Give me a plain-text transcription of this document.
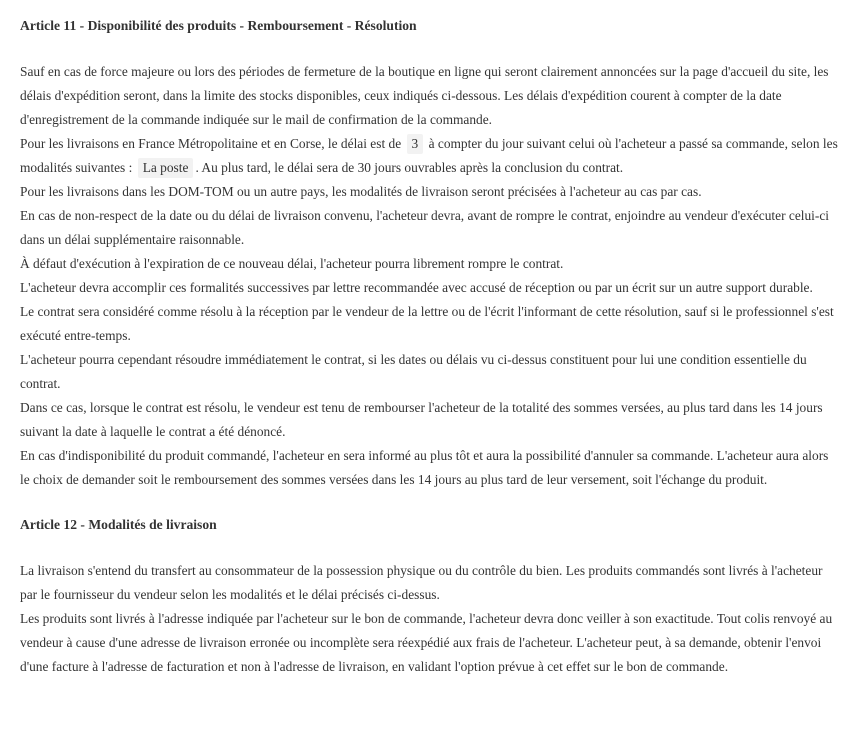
Article 11 - Disponibilité des produits - Remboursement - Résolution

Sauf en cas de force majeure ou lors des périodes de fermeture de la boutique en ligne qui seront clairement annoncées sur la page d'accueil du site, les délais d'expédition seront, dans la limite des stocks disponibles, ceux indiqués ci-dessous. Les délais d'expédition courent à compter de la date d'enregistrement de la commande indiquée sur le mail de confirmation de la commande.

Pour les livraisons en France Métropolitaine et en Corse, le délai est de 3 à compter du jour suivant celui où l'acheteur a passé sa commande, selon les modalités suivantes : La poste . Au plus tard, le délai sera de 30 jours ouvrables après la conclusion du contrat.

Pour les livraisons dans les DOM-TOM ou un autre pays, les modalités de livraison seront précisées à l'acheteur au cas par cas.

En cas de non-respect de la date ou du délai de livraison convenu, l'acheteur devra, avant de rompre le contrat, enjoindre au vendeur d'exécuter celui-ci dans un délai supplémentaire raisonnable.

À défaut d'exécution à l'expiration de ce nouveau délai, l'acheteur pourra librement rompre le contrat.

L'acheteur devra accomplir ces formalités successives par lettre recommandée avec accusé de réception ou par un écrit sur un autre support durable.

Le contrat sera considéré comme résolu à la réception par le vendeur de la lettre ou de l'écrit l'informant de cette résolution, sauf si le professionnel s'est exécuté entre-temps.

L'acheteur pourra cependant résoudre immédiatement le contrat, si les dates ou délais vu ci-dessus constituent pour lui une condition essentielle du contrat.

Dans ce cas, lorsque le contrat est résolu, le vendeur est tenu de rembourser l'acheteur de la totalité des sommes versées, au plus tard dans les 14 jours suivant la date à laquelle le contrat a été dénoncé.

En cas d'indisponibilité du produit commandé, l'acheteur en sera informé au plus tôt et aura la possibilité d'annuler sa commande. L'acheteur aura alors le choix de demander soit le remboursement des sommes versées dans les 14 jours au plus tard de leur versement, soit l'échange du produit.

Article 12 - Modalités de livraison

La livraison s'entend du transfert au consommateur de la possession physique ou du contrôle du bien. Les produits commandés sont livrés à l'acheteur par le fournisseur du vendeur selon les modalités et le délai précisés ci-dessus.

Les produits sont livrés à l'adresse indiquée par l'acheteur sur le bon de commande, l'acheteur devra donc veiller à son exactitude. Tout colis renvoyé au vendeur à cause d'une adresse de livraison erronée ou incomplète sera réexpédié aux frais de l'acheteur. L'acheteur peut, à sa demande, obtenir l'envoi d'une facture à l'adresse de facturation et non à l'adresse de livraison, en validant l'option prévue à cet effet sur le bon de commande.
